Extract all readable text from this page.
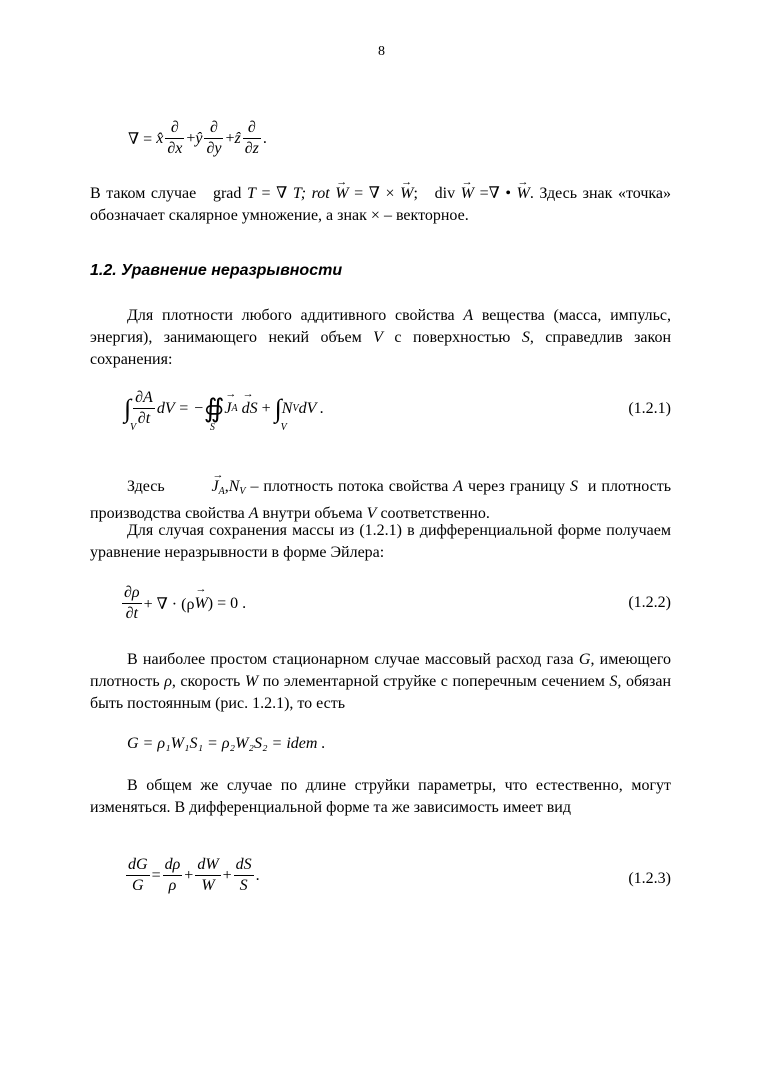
8
∇ =
x̂ $\frac{\partial}{\partial x}$ + ŷ $\frac{\partial}{\partial y}$ + ẑ $\frac{\partial}{\partial z}$ .
В таком случае grad T = ∇ T; rot → W = ∇ × → W; div → W =∇ • → W. Здесь знак «точка» обозначает скалярное умножение, а знак × – векторное.
1.2. Уравнение неразрывности
Для плотности любого аддитивного свойства A вещества (масса, импульс, энергия), занимающего некий объем V с поверхностью S, справедлив закон сохранения:
∫
V
$\frac{\partial A}{\partial t}$ dV = − ∯
S
→ J A
→ dS
+
∫
V
N V dV .	(1.2.1)
Здесь	→ $J_A,N_V$ – плотность потока свойства A через границу S и плотность производства свойства A внутри объема V соответственно.
Для случая сохранения массы из (1.2.1) в дифференциальной форме получаем уравнение неразрывности в форме Эйлера:
$\frac{\partial\rho}{\partial t}$ + ∇ · (ρ → W ) = 0 .	(1.2.2)
В наиболее простом стационарном случае массовый расход газа G, имеющего плотность ρ, скорость W по элементарной струйке с поперечным сечением S, обязан быть постоянным (рис. 1.2.1), то есть
G = ρ₁W₁S₁ = ρ₂W₂S₂ = idem .
В общем же случае по длине струйки параметры, что естественно, могут изменяться. В дифференциальной форме та же зависимость имеет вид
$\frac{dG}{G} = \frac{d\rho}{\rho} + \frac{dW}{W} + \frac{dS}{S}$ .	(1.2.3)
